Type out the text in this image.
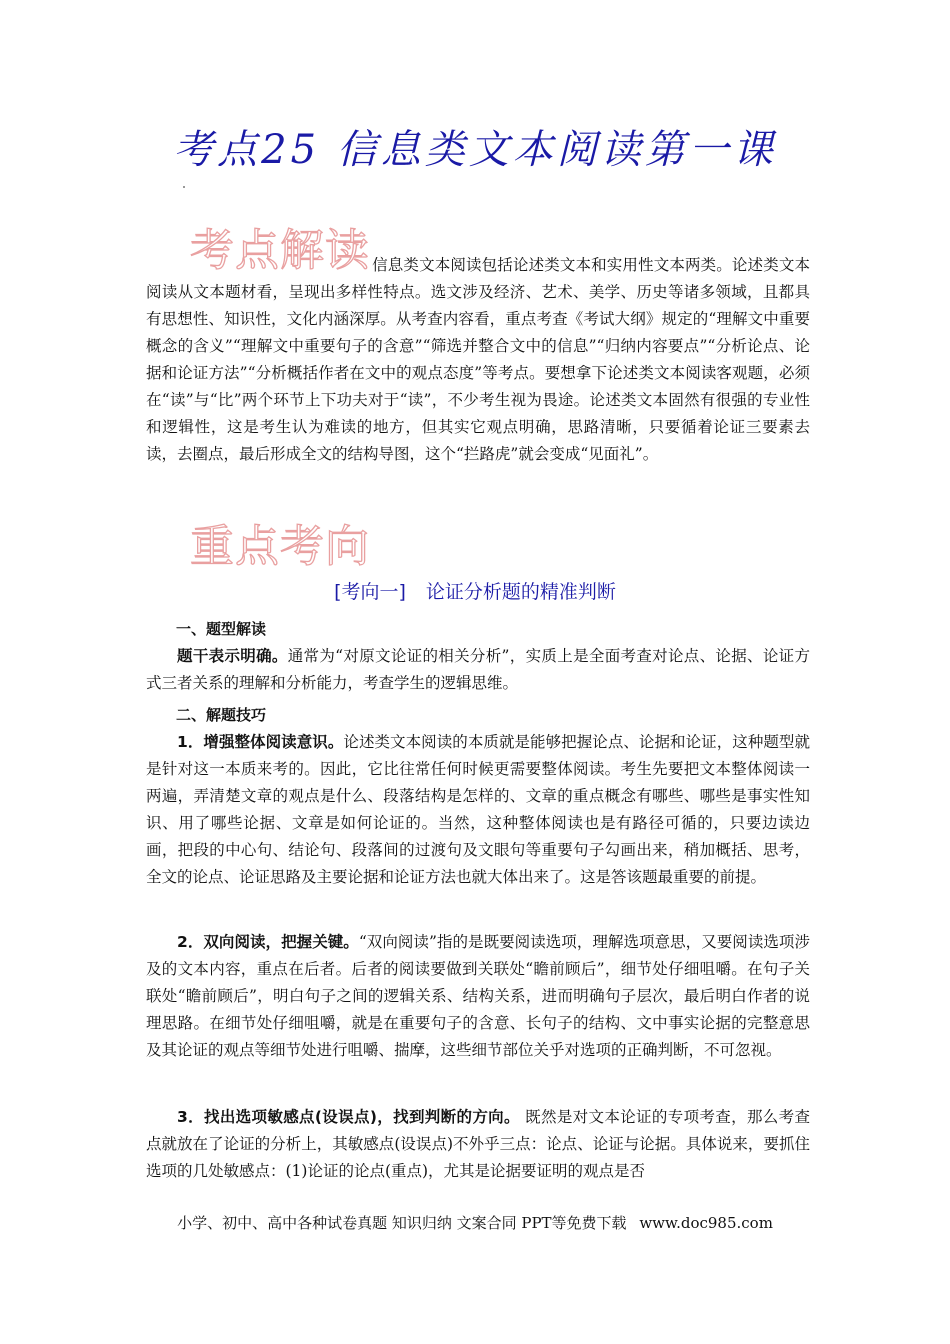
考点25 信息类文本阅读第一课
考点解读 信息类文本阅读包括论述类文本和实用性文本两类。论述类文本阅读从文本题材看，呈现出多样性特点。选文涉及经济、艺术、美学、历史等诸多领域，且都具有思想性、知识性，文化内涵深厚。从考查内容看，重点考查《考试大纲》规定的“理解文中重要概念的含义”“理解文中重要句子的含意”“筛选并整合文中的信息”“归纳内容要点”“分析论点、论据和论证方法”“分析概括作者在文中的观点态度”等考点。要想拿下论述类文本阅读客观题，必须在“读”与“比”两个环节上下功夫对于“读”，不少考生视为畏途。论述类文本固然有很强的专业性和逻辑性，这是考生认为难读的地方，但其实它观点明确，思路清晰，只要循着论证三要素去读，去圈点，最后形成全文的结构导图，这个“拦路虎”就会变成“见面礼”。
重点考向
[考向一] 论证分析题的精准判断
一、题型解读
题干表示明确。通常为“对原文论证的相关分析”，实质上是全面考查对论点、论据、论证方式三者关系的理解和分析能力，考查学生的逻辑思维。
二、解题技巧
1．增强整体阅读意识。论述类文本阅读的本质就是能够把握论点、论据和论证，这种题型就是针对这一本质来考的。因此，它比往常任何时候更需要整体阅读。考生先要把文本整体阅读一两遍，弄清楚文章的观点是什么、段落结构是怎样的、文章的重点概念有哪些、哪些是事实性知识、用了哪些论据、文章是如何论证的。当然，这种整体阅读也是有路径可循的，只要边读边画，把段的中心句、结论句、段落间的过渡句及文眼句等重要句子勾画出来，稍加概括、思考，全文的论点、论证思路及主要论据和论证方法也就大体出来了。这是答该题最重要的前提。
2．双向阅读，把握关键。“双向阅读”指的是既要阅读选项，理解选项意思，又要阅读选项涉及的文本内容，重点在后者。后者的阅读要做到关联处“瞻前顾后”，细节处仔细咀嚼。在句子关联处“瞻前顾后”，明白句子之间的逻辑关系、结构关系，进而明确句子层次，最后明白作者的说理思路。在细节处仔细咀嚼，就是在重要句子的含意、长句子的结构、文中事实论据的完整意思及其论证的观点等细节处进行咀嚼、揣摩，这些细节部位关乎对选项的正确判断，不可忽视。
3．找出选项敏感点(设误点)，找到判断的方向。 既然是对文本论证的专项考查，那么考查点就放在了论证的分析上，其敏感点(设误点)不外乎三点：论点、论证与论据。具体说来，要抓住选项的几处敏感点：(1)论证的论点(重点)，尤其是论据要证明的观点是否
小学、初中、高中各种试卷真题 知识归纳 文案合同 PPT等免费下载 www.doc985.com
